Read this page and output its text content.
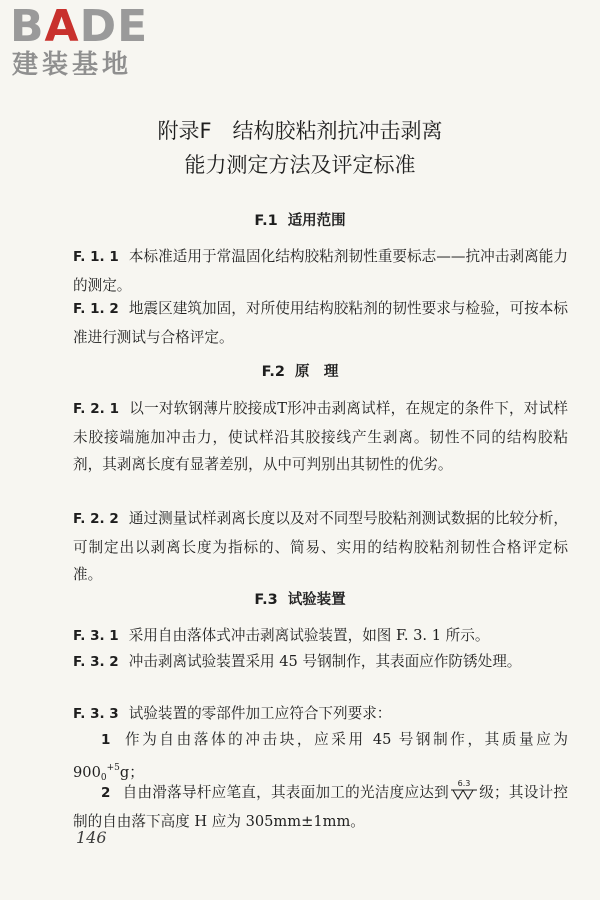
BADE
建装基地
附录F　结构胶粘剂抗冲击剥离
能力测定方法及评定标准
F.1 适用范围
F. 1. 1 本标准适用于常温固化结构胶粘剂韧性重要标志——抗冲击剥离能力的测定。
F. 1. 2 地震区建筑加固，对所使用结构胶粘剂的韧性要求与检验，可按本标准进行测试与合格评定。
F.2 原　理
F. 2. 1 以一对软钢薄片胶接成T形冲击剥离试样，在规定的条件下，对试样未胶接端施加冲击力，使试样沿其胶接线产生剥离。韧性不同的结构胶粘剂，其剥离长度有显著差别，从中可判别出其韧性的优劣。
F. 2. 2 通过测量试样剥离长度以及对不同型号胶粘剂测试数据的比较分析，可制定出以剥离长度为指标的、简易、实用的结构胶粘剂韧性合格评定标准。
F.3 试验装置
F. 3. 1 采用自由落体式冲击剥离试验装置，如图 F. 3. 1 所示。
F. 3. 2 冲击剥离试验装置采用 45 号钢制作，其表面应作防锈处理。
F. 3. 3 试验装置的零部件加工应符合下列要求：
1 作为自由落体的冲击块，应采用 45 号钢制作，其质量应为 $900_0^{+5}g$；
2 自由滑落导杆应笔直，其表面加工的光洁度应达到
6.3
级；其设计控制的自由落下高度 H 应为 305mm±1mm。
146
